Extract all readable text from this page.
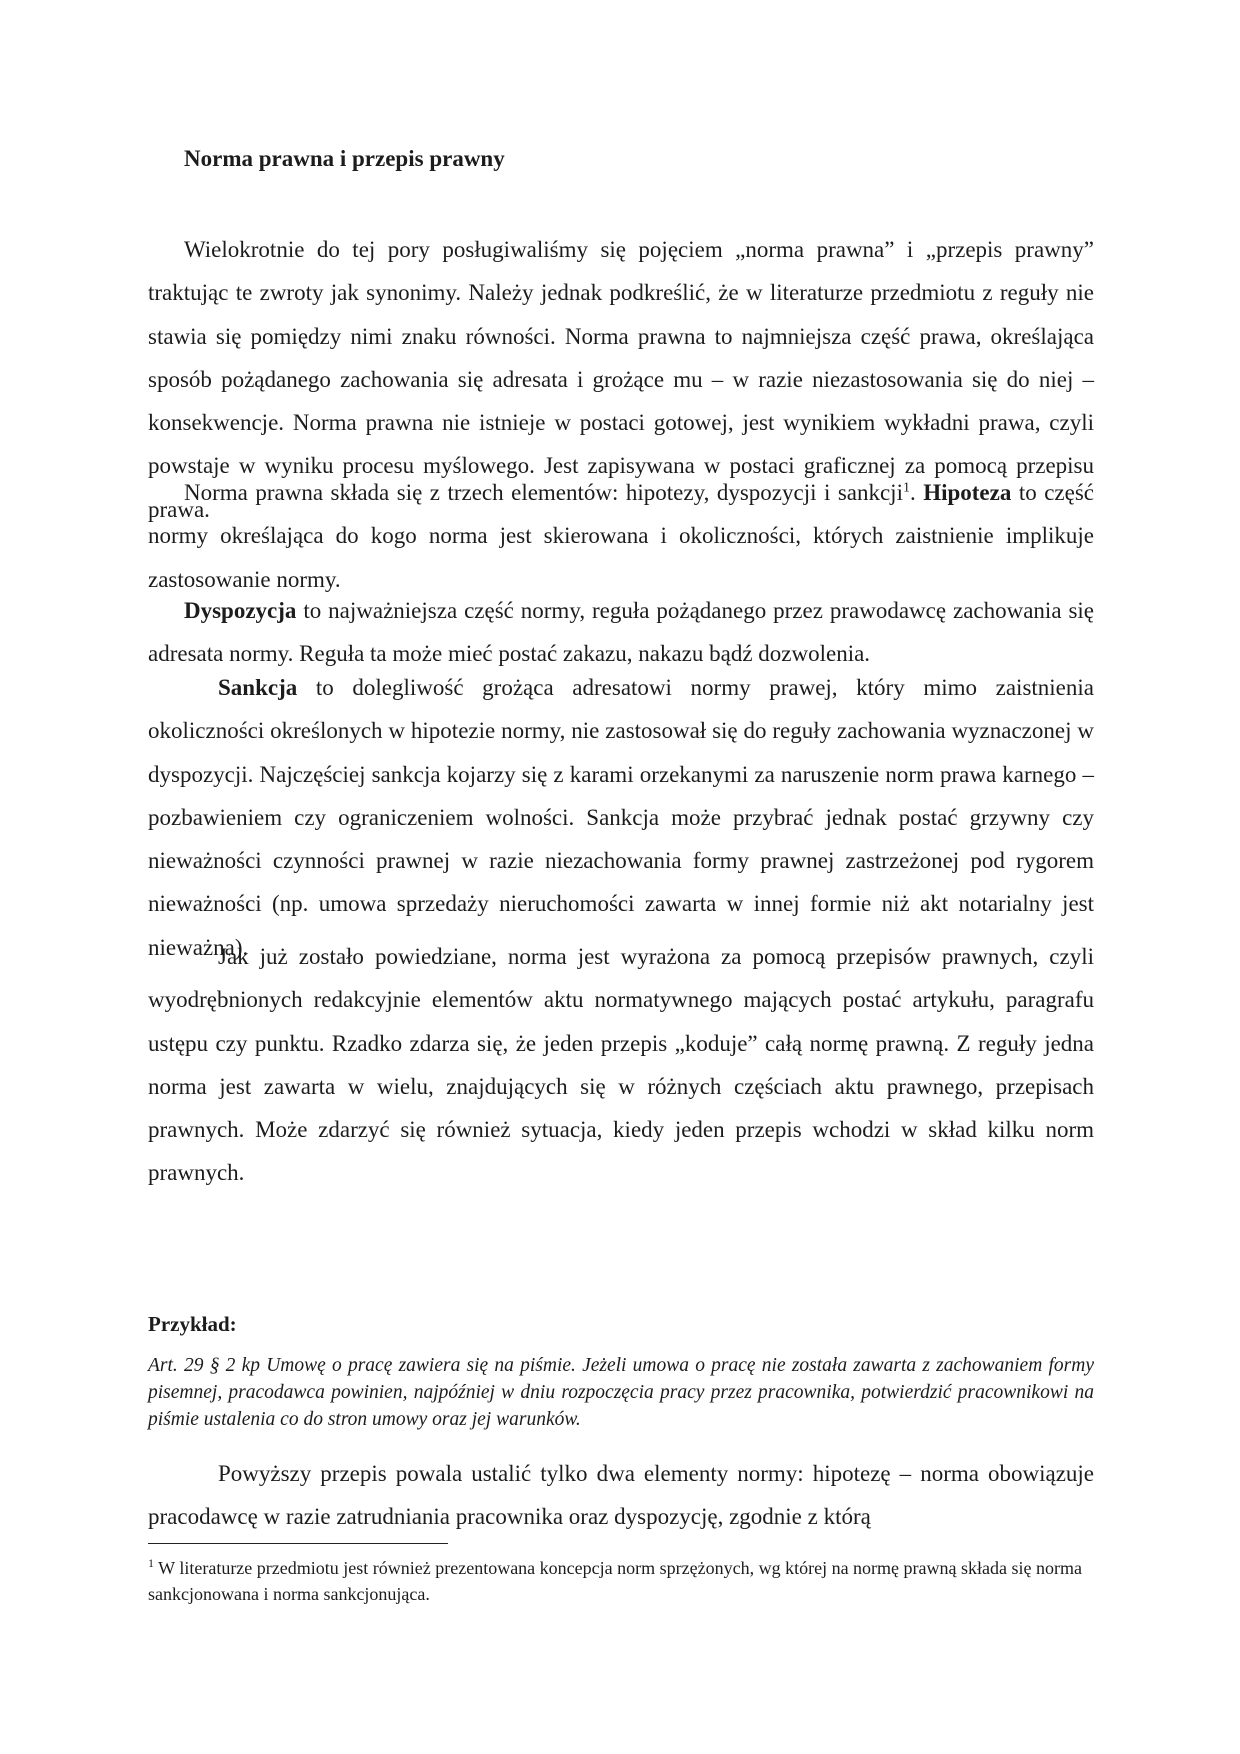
Norma prawna i przepis prawny

Wielokrotnie do tej pory posługiwaliśmy się pojęciem „norma prawna” i „przepis prawny” traktując te zwroty jak synonimy. Należy jednak podkreślić, że w literaturze przedmiotu z reguły nie stawia się pomiędzy nimi znaku równości. Norma prawna to najmniejsza część prawa, określająca sposób pożądanego zachowania się adresata i grożące mu – w razie niezastosowania się do niej – konsekwencje. Norma prawna nie istnieje w postaci gotowej, jest wynikiem wykładni prawa, czyli powstaje w wyniku procesu myślowego. Jest zapisywana w postaci graficznej za pomocą przepisu prawa.

Norma prawna składa się z trzech elementów: hipotezy, dyspozycji i sankcji$^1$. Hipoteza to część normy określająca do kogo norma jest skierowana i okoliczności, których zaistnienie implikuje zastosowanie normy.

Dyspozycja to najważniejsza część normy, reguła pożądanego przez prawodawcę zachowania się adresata normy. Reguła ta może mieć postać zakazu, nakazu bądź dozwolenia.

Sankcja to dolegliwość grożąca adresatowi normy prawej, który mimo zaistnienia okoliczności określonych w hipotezie normy, nie zastosował się do reguły zachowania wyznaczonej w dyspozycji. Najczęściej sankcja kojarzy się z karami orzekanymi za naruszenie norm prawa karnego – pozbawieniem czy ograniczeniem wolności. Sankcja może przybrać jednak postać grzywny czy nieważności czynności prawnej w razie niezachowania formy prawnej zastrzeżonej pod rygorem nieważności (np. umowa sprzedaży nieruchomości zawarta w innej formie niż akt notarialny jest nieważna).

Jak już zostało powiedziane, norma jest wyrażona za pomocą przepisów prawnych, czyli wyodrębnionych redakcyjnie elementów aktu normatywnego mających postać artykułu, paragrafu ustępu czy punktu. Rzadko zdarza się, że jeden przepis „koduje” całą normę prawną. Z reguły jedna norma jest zawarta w wielu, znajdujących się w różnych częściach aktu prawnego, przepisach prawnych. Może zdarzyć się również sytuacja, kiedy jeden przepis wchodzi w skład kilku norm prawnych.

Przykład:

Art. 29 § 2 kp Umowę o pracę zawiera się na piśmie. Jeżeli umowa o pracę nie została zawarta z zachowaniem formy pisemnej, pracodawca powinien, najpóźniej w dniu rozpoczęcia pracy przez pracownika, potwierdzić pracownikowi na piśmie ustalenia co do stron umowy oraz jej warunków.

Powyższy przepis powala ustalić tylko dwa elementy normy: hipotezę – norma obowiązuje pracodawcę w razie zatrudniania pracownika oraz dyspozycję, zgodnie z którą

$^1$ W literaturze przedmiotu jest również prezentowana koncepcja norm sprzężonych, wg której na normę prawną składa się norma sankcjonowana i norma sankcjonująca.
